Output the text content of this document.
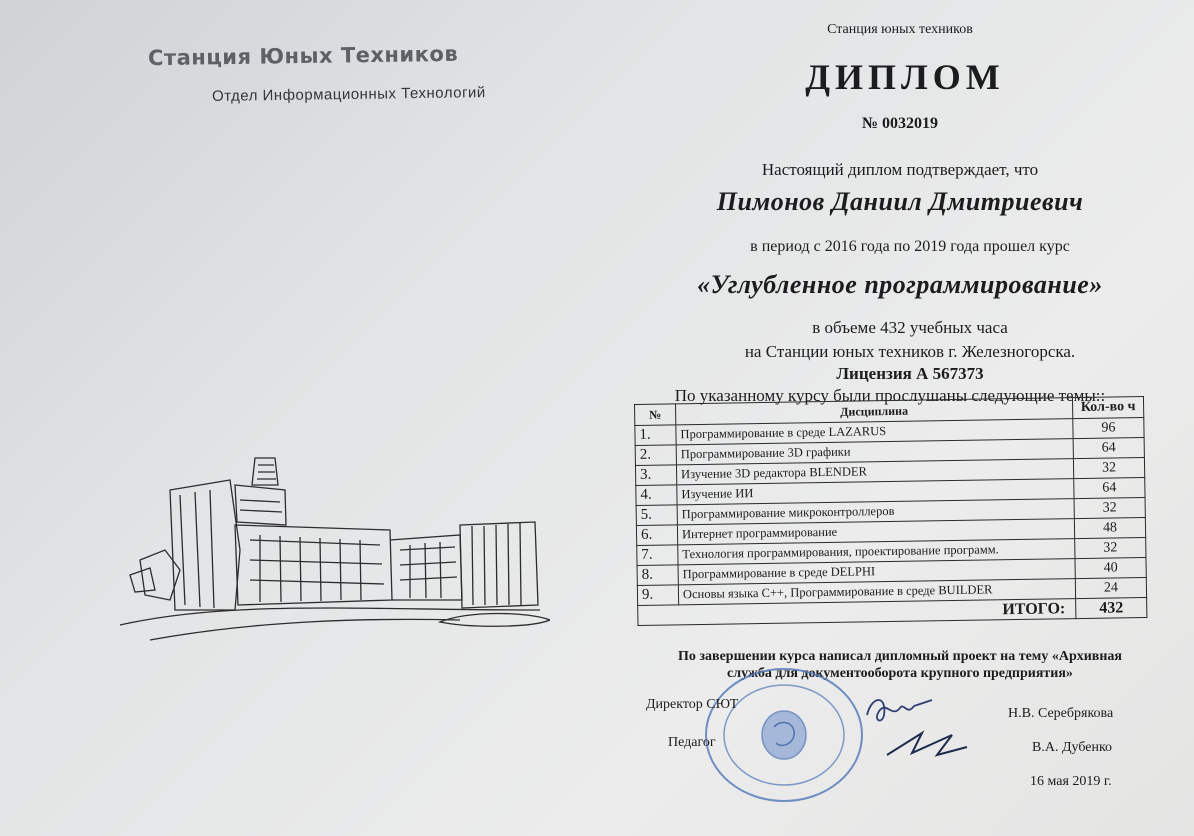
Станция Юных Техников
Отдел Информационных Технологий
Станция юных техников
ДИПЛОМ
№ 0032019
Настоящий диплом подтверждает, что
Пимонов Даниил Дмитриевич
в период с 2016 года по 2019 года прошел курс
«Углубленное программирование»
в объеме 432 учебных часа
на Станции юных техников г. Железногорска.
Лицензия А 567373
По указанному курсу были прослушаны следующие темы::
№	Дисциплина	Кол-во ч
1.	Программирование в среде LAZARUS	96
2.	Программирование 3D графики	64
3.	Изучение 3D редактора BLENDER	32
4.	Изучение ИИ	64
5.	Программирование микроконтроллеров	32
6.	Интернет программирование	48
7.	Технология программирования, проектирование программ.	32
8.	Программирование в среде DELPHI	40
9.	Основы языка С++, Программирование в среде BUILDER	24
ИТОГО:		432
По завершении курса написал дипломный проект на тему «Архивная
служба для документооборота крупного предприятия»
Директор СЮТ
Н.В. Серебрякова
Педагог	В.А. Дубенко
16 мая 2019 г.
